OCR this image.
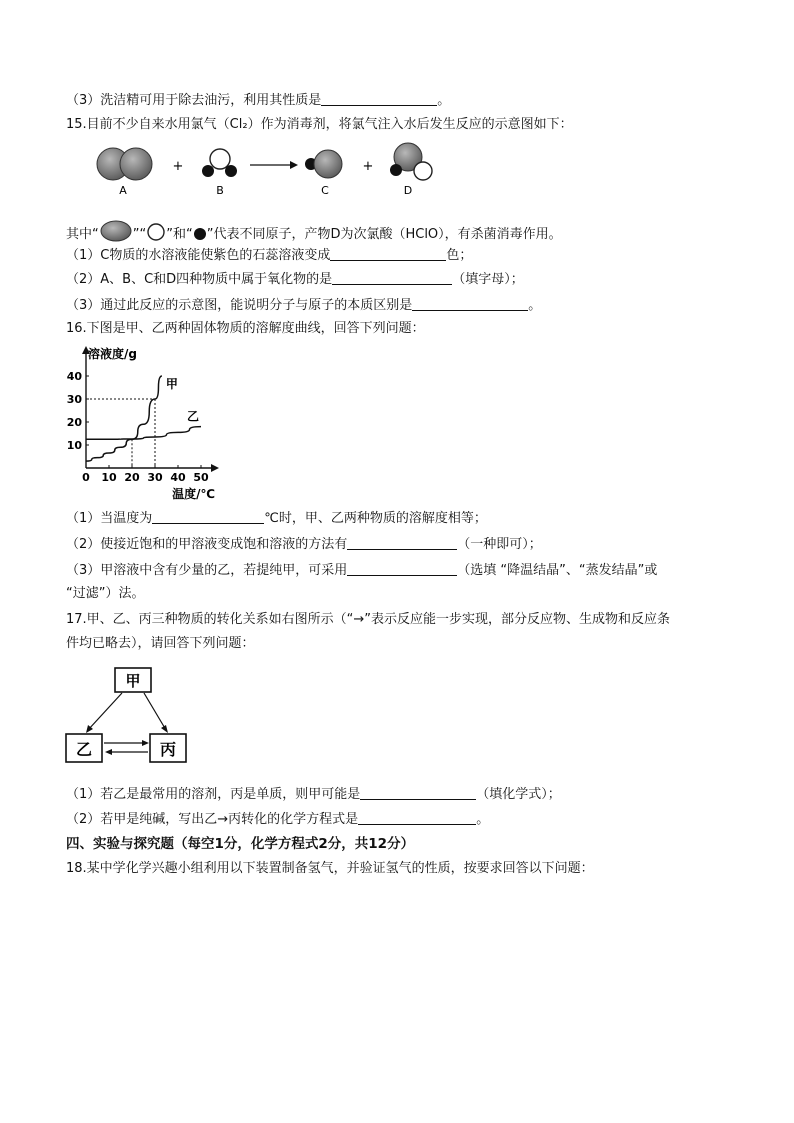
（3）洗洁精可用于除去油污，利用其性质是	。
15.目前不少自来水用氯气（Cl₂）作为消毒剂，将氯气注入水后发生反应的示意图如下：
A
+
B	C
+
D
其中“	”“ ”和“ ”代表不同原子，产物D为次氯酸（HClO），有杀菌消毒作用。
（1）C物质的水溶液能使紫色的石蕊溶液变成	色；
（2）A、B、C和D四种物质中属于氧化物的是	（填字母）；
（3）通过此反应的示意图，能说明分子与原子的本质区别是	。
16.下图是甲、乙两种固体物质的溶解度曲线，回答下列问题：
0 10 20 30 40 50
10
20
30
40
溶液度/g
温度/℃
甲
乙
（1）当温度为	℃时，甲、乙两种物质的溶解度相等；
（2）使接近饱和的甲溶液变成饱和溶液的方法有	（一种即可）；
（3）甲溶液中含有少量的乙，若提纯甲，可采用	（选填 “降温结晶”、“蒸发结晶”或
“过滤”）法。
17.甲、乙、丙三种物质的转化关系如右图所示（“→”表示反应能一步实现，部分反应物、生成物和反应条
件均已略去），请回答下列问题：
甲
乙	丙
（1）若乙是最常用的溶剂，丙是单质，则甲可能是	（填化学式）；
（2）若甲是纯碱，写出乙→丙转化的化学方程式是	。
四、实验与探究题（每空1分，化学方程式2分，共12分）
18.某中学化学兴趣小组利用以下装置制备氢气，并验证氢气的性质，按要求回答以下问题：
